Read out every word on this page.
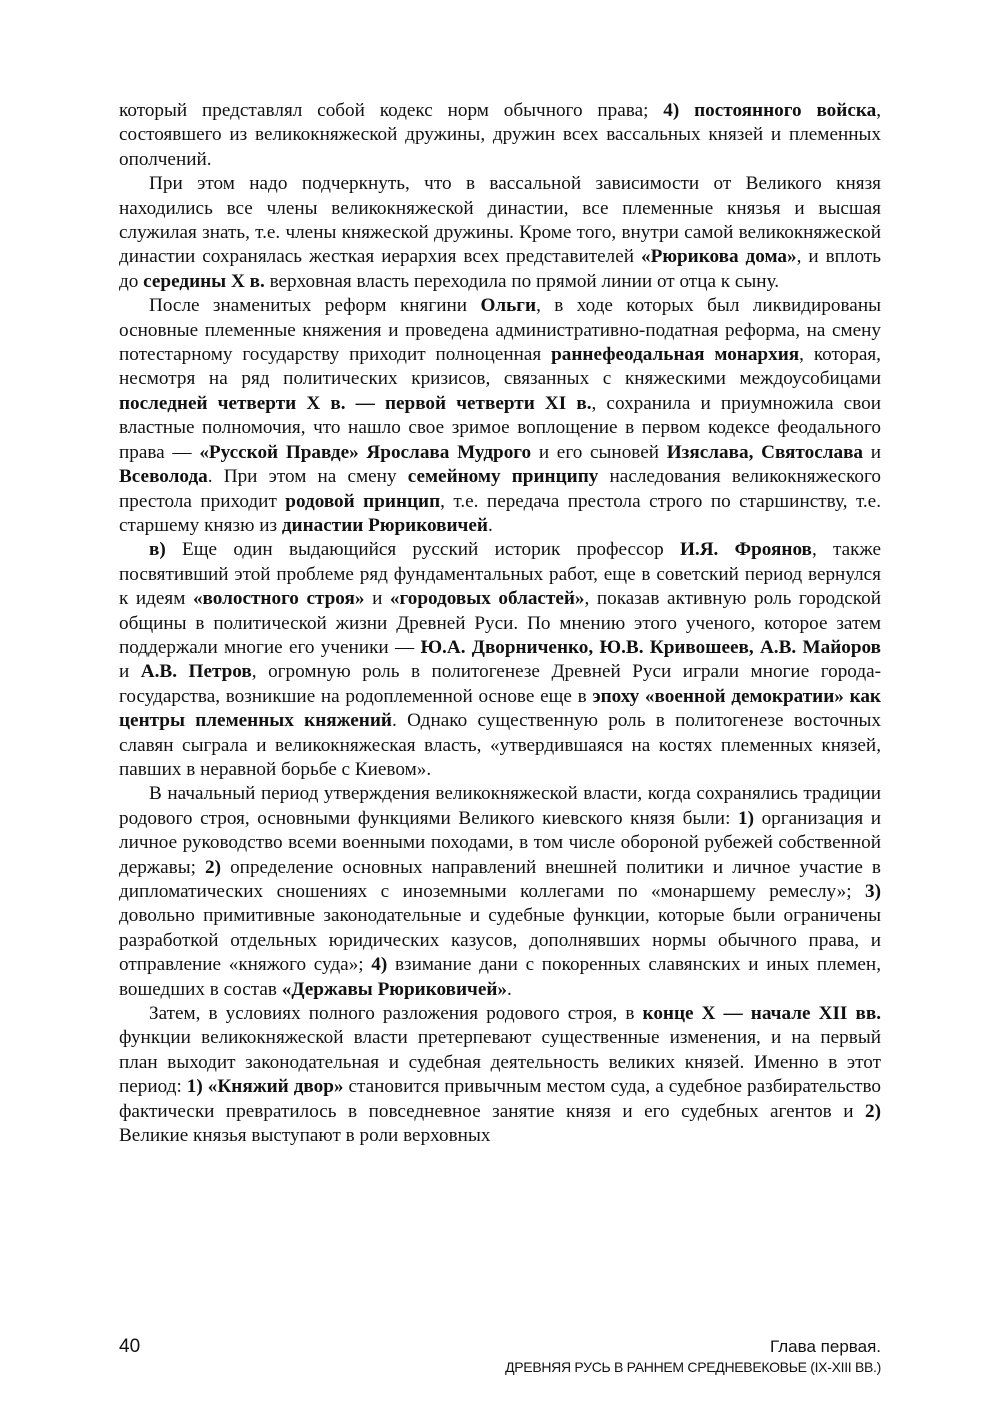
который представлял собой кодекс норм обычного права; 4) постоянного войска, состоявшего из великокняжеской дружины, дружин всех вассальных князей и племенных ополчений.

При этом надо подчеркнуть, что в вассальной зависимости от Великого князя находились все члены великокняжеской династии, все племенные князья и высшая служилая знать, т.е. члены княжеской дружины. Кроме того, внутри самой великокняжеской династии сохранялась жесткая иерархия всех представителей «Рюрикова дома», и вплоть до середины X в. верховная власть переходила по прямой линии от отца к сыну.

После знаменитых реформ княгини Ольги, в ходе которых был ликвидированы основные племенные княжения и проведена административно-податная реформа, на смену потестарному государству приходит полноценная раннефеодальная монархия, которая, несмотря на ряд политических кризисов, связанных с княжескими междоусобицами последней четверти X в. — первой четверти XI в., сохранила и приумножила свои властные полномочия, что нашло свое зримое воплощение в первом кодексе феодального права — «Русской Правде» Ярослава Мудрого и его сыновей Изяслава, Святослава и Всеволода. При этом на смену семейному принципу наследования великокняжеского престола приходит родовой принцип, т.е. передача престола строго по старшинству, т.е. старшему князю из династии Рюриковичей.

в) Еще один выдающийся русский историк профессор И.Я. Фроянов, также посвятивший этой проблеме ряд фундаментальных работ, еще в советский период вернулся к идеям «волостного строя» и «городовых областей», показав активную роль городской общины в политической жизни Древней Руси. По мнению этого ученого, которое затем поддержали многие его ученики — Ю.А. Дворниченко, Ю.В. Кривошеев, А.В. Майоров и А.В. Петров, огромную роль в политогенезе Древней Руси играли многие города-государства, возникшие на родоплеменной основе еще в эпоху «военной демократии» как центры племенных княжений. Однако существенную роль в политогенезе восточных славян сыграла и великокняжеская власть, «утвердившаяся на костях племенных князей, павших в неравной борьбе с Киевом».

В начальный период утверждения великокняжеской власти, когда сохранялись традиции родового строя, основными функциями Великого киевского князя были: 1) организация и личное руководство всеми военными походами, в том числе обороной рубежей собственной державы; 2) определение основных направлений внешней политики и личное участие в дипломатических сношениях с иноземными коллегами по «монаршему ремеслу»; 3) довольно примитивные законодательные и судебные функции, которые были ограничены разработкой отдельных юридических казусов, дополнявших нормы обычного права, и отправление «княжого суда»; 4) взимание дани с покоренных славянских и иных племен, вошедших в состав «Державы Рюриковичей».

Затем, в условиях полного разложения родового строя, в конце X — начале XII вв. функции великокняжеской власти претерпевают существенные изменения, и на первый план выходит законодательная и судебная деятельность великих князей. Именно в этот период: 1) «Княжий двор» становится привычным местом суда, а судебное разбирательство фактически превратилось в повседневное занятие князя и его судебных агентов и 2) Великие князья выступают в роли верховных

40	Глава первая.
ДРЕВНЯЯ РУСЬ В РАННЕМ СРЕДНЕВЕКОВЬЕ (IX-XIII ВВ.)
